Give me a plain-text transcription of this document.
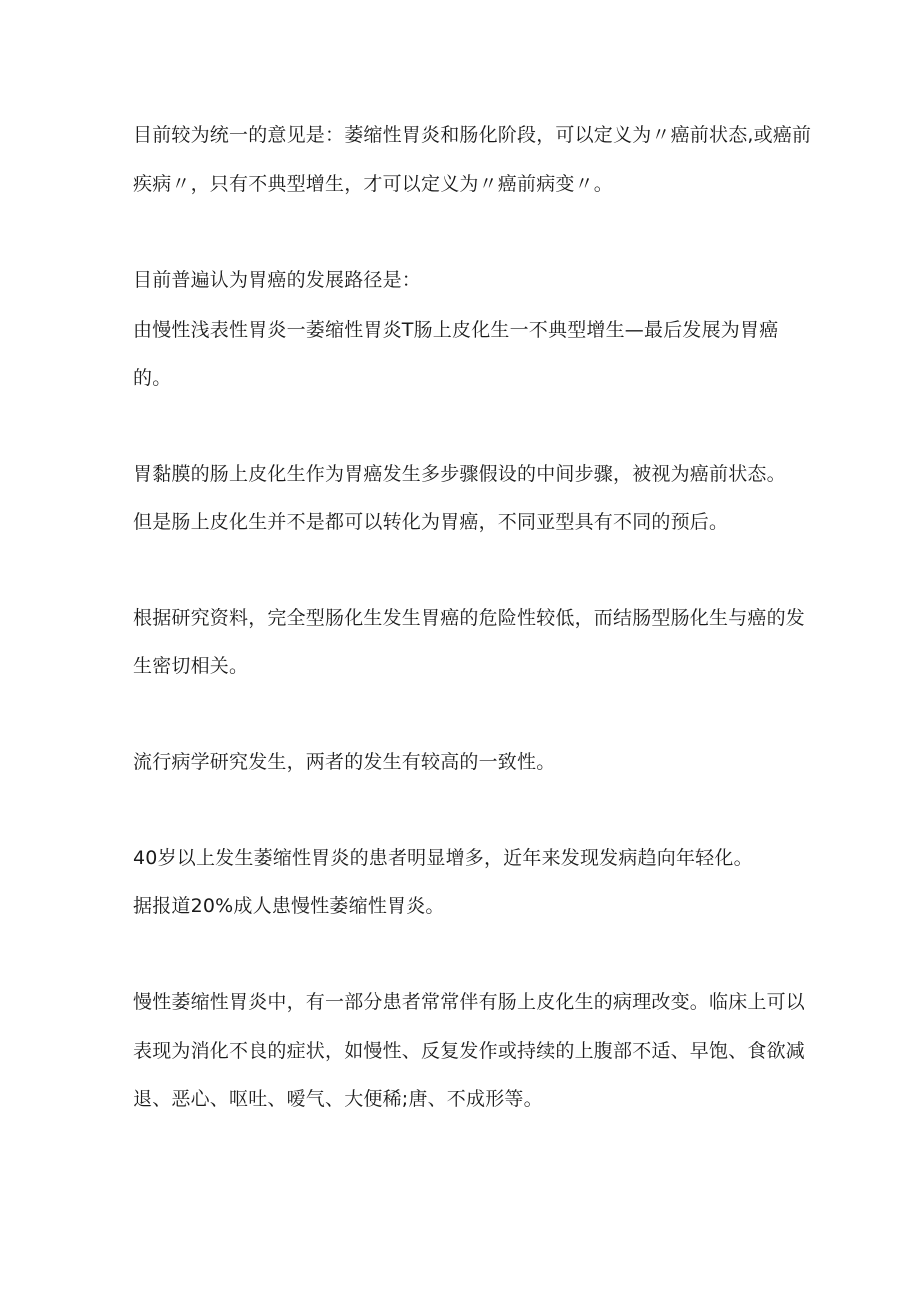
目前较为统一的意见是：萎缩性胃炎和肠化阶段，可以定义为〃癌前状态,或癌前
疾病〃，只有不典型增生，才可以定义为〃癌前病变〃。
目前普遍认为胃癌的发展路径是：
由慢性浅表性胃炎一萎缩性胃炎T肠上皮化生一不典型增生—最后发展为胃癌
的。
胃黏膜的肠上皮化生作为胃癌发生多步骤假设的中间步骤，被视为癌前状态。
但是肠上皮化生并不是都可以转化为胃癌，不同亚型具有不同的预后。
根据研究资料，完全型肠化生发生胃癌的危险性较低，而结肠型肠化生与癌的发
生密切相关。
流行病学研究发生，两者的发生有较高的一致性。
40岁以上发生萎缩性胃炎的患者明显增多，近年来发现发病趋向年轻化。
据报道20%成人患慢性萎缩性胃炎。
慢性萎缩性胃炎中，有一部分患者常常伴有肠上皮化生的病理改变。临床上可以
表现为消化不良的症状，如慢性、反复发作或持续的上腹部不适、早饱、食欲减
退、恶心、呕吐、嗳气、大便稀;唐、不成形等。
